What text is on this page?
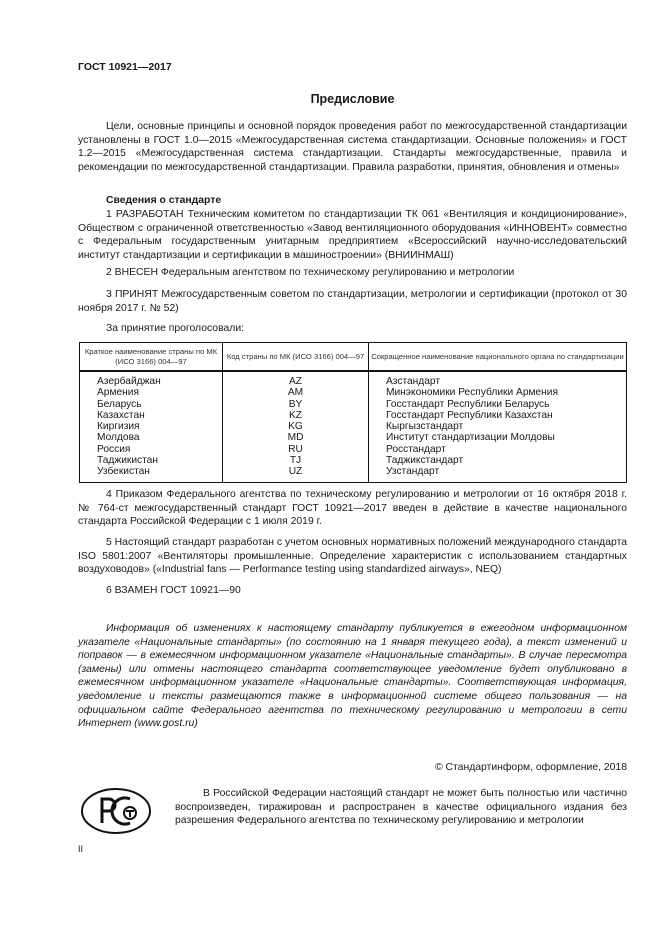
ГОСТ 10921—2017
Предисловие
Цели, основные принципы и основной порядок проведения работ по межгосударственной стандартизации установлены в ГОСТ 1.0—2015 «Межгосударственная система стандартизации. Основные положения» и ГОСТ 1.2—2015 «Межгосударственная система стандартизации. Стандарты межгосударственные, правила и рекомендации по межгосударственной стандартизации. Правила разработки, принятия, обновления и отмены»
Сведения о стандарте
1 РАЗРАБОТАН Техническим комитетом по стандартизации ТК 061 «Вентиляция и кондиционирование», Обществом с ограниченной ответственностью «Завод вентиляционного оборудования «ИННОВЕНТ» совместно с Федеральным государственным унитарным предприятием «Всероссийский научно-исследовательский институт стандартизации и сертификации в машиностроении» (ВНИИНМАШ)
2 ВНЕСЕН Федеральным агентством по техническому регулированию и метрологии
3 ПРИНЯТ Межгосударственным советом по стандартизации, метрологии и сертификации (протокол от 30 ноября 2017 г. № 52)
За принятие проголосовали:
Краткое наименование страны по МК (ИСО 3166) 004—97	Код страны по МК (ИСО 3166) 004—97	Сокращенное наименование национального органа по стандартизации
Азербайджан	AZ	Азстандарт
Армения	AM	Минэкономики Республики Армения
Беларусь	BY	Госстандарт Республики Беларусь
Казахстан	KZ	Госстандарт Республики Казахстан
Киргизия	KG	Кыргызстандарт
Молдова	MD	Институт стандартизации Молдовы
Россия	RU	Росстандарт
Таджикистан	TJ	Таджикстандарт
Узбекистан	UZ	Узстандарт
4 Приказом Федерального агентства по техническому регулированию и метрологии от 16 октября 2018 г. № 764-ст межгосударственный стандарт ГОСТ 10921—2017 введен в действие в качестве национального стандарта Российской Федерации с 1 июля 2019 г.
5 Настоящий стандарт разработан с учетом основных нормативных положений международного стандарта ISO 5801:2007 «Вентиляторы промышленные. Определение характеристик с использованием стандартных воздуховодов» («Industrial fans — Performance testing using standardized airways», NEQ)
6 ВЗАМЕН ГОСТ 10921—90
Информация об изменениях к настоящему стандарту публикуется в ежегодном информационном указателе «Национальные стандарты» (по состоянию на 1 января текущего года), а текст изменений и поправок — в ежемесячном информационном указателе «Национальные стандарты». В случае пересмотра (замены) или отмены настоящего стандарта соответствующее уведомление будет опубликовано в ежемесячном информационном указателе «Национальные стандарты». Соответствующая информация, уведомление и тексты размещаются также в информационной системе общего пользования — на официальном сайте Федерального агентства по техническому регулированию и метрологии в сети Интернет (www.gost.ru)
© Стандартинформ, оформление, 2018
В Российской Федерации настоящий стандарт не может быть полностью или частично воспроизведен, тиражирован и распространен в качестве официального издания без разрешения Федерального агентства по техническому регулированию и метрологии
II
